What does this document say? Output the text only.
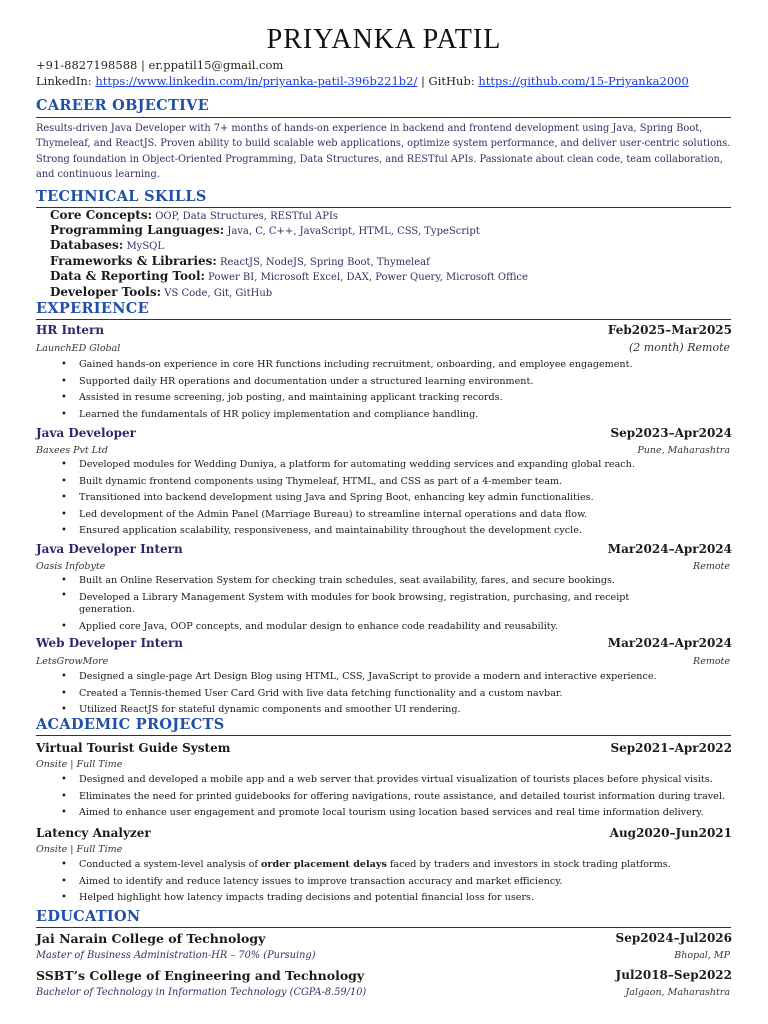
PRIYANKA PATIL
+91-8827198588 | er.ppatil15@gmail.com
LinkedIn: https://www.linkedin.com/in/priyanka-patil-396b221b2/ | GitHub: https://github.com/15-Priyanka2000
CAREER OBJECTIVE
Results-driven Java Developer with 7+ months of hands-on experience in backend and frontend development using Java, Spring Boot, Thymeleaf, and ReactJS. Proven ability to build scalable web applications, optimize system performance, and deliver user-centric solutions. Strong foundation in Object-Oriented Programming, Data Structures, and RESTful APIs. Passionate about clean code, team collaboration, and continuous learning.
TECHNICAL SKILLS
Core Concepts: OOP, Data Structures, RESTful APIs
Programming Languages: Java, C, C++, JavaScript, HTML, CSS, TypeScript
Databases: MySQL
Frameworks & Libraries: ReactJS, NodeJS, Spring Boot, Thymeleaf
Data & Reporting Tool: Power BI, Microsoft Excel, DAX, Power Query, Microsoft Office
Developer Tools: VS Code, Git, GitHub
EXPERIENCE
HR Intern	Feb2025–Mar2025
LaunchED Global	(2 month) Remote
• Gained hands-on experience in core HR functions including recruitment, onboarding, and employee engagement.
• Supported daily HR operations and documentation under a structured learning environment.
• Assisted in resume screening, job posting, and maintaining applicant tracking records.
• Learned the fundamentals of HR policy implementation and compliance handling.
Java Developer	Sep2023–Apr2024
Baxees Pvt Ltd	Pune, Maharashtra
• Developed modules for Wedding Duniya, a platform for automating wedding services and expanding global reach.
• Built dynamic frontend components using Thymeleaf, HTML, and CSS as part of a 4-member team.
• Transitioned into backend development using Java and Spring Boot, enhancing key admin functionalities.
• Led development of the Admin Panel (Marriage Bureau) to streamline internal operations and data flow.
• Ensured application scalability, responsiveness, and maintainability throughout the development cycle.
Java Developer Intern	Mar2024–Apr2024
Oasis Infobyte	Remote
• Built an Online Reservation System for checking train schedules, seat availability, fares, and secure bookings.
• Developed a Library Management System with modules for book browsing, registration, purchasing, and receipt generation.
• Applied core Java, OOP concepts, and modular design to enhance code readability and reusability.
Web Developer Intern	Mar2024–Apr2024
LetsGrowMore	Remote
• Designed a single-page Art Design Blog using HTML, CSS, JavaScript to provide a modern and interactive experience.
• Created a Tennis-themed User Card Grid with live data fetching functionality and a custom navbar.
• Utilized ReactJS for stateful dynamic components and smoother UI rendering.
ACADEMIC PROJECTS
Virtual Tourist Guide System	Sep2021–Apr2022
Onsite | Full Time
• Designed and developed a mobile app and a web server that provides virtual visualization of tourists places before physical visits.
• Eliminates the need for printed guidebooks for offering navigations, route assistance, and detailed tourist information during travel.
• Aimed to enhance user engagement and promote local tourism using location based services and real time information delivery.
Latency Analyzer	Aug2020–Jun2021
Onsite | Full Time
• Conducted a system-level analysis of order placement delays faced by traders and investors in stock trading platforms.
• Aimed to identify and reduce latency issues to improve transaction accuracy and market efficiency.
• Helped highlight how latency impacts trading decisions and potential financial loss for users.
EDUCATION
Jai Narain College of Technology	Sep2024–Jul2026
Master of Business Administration-HR – 70% (Pursuing)	Bhopal, MP
SSBT’s College of Engineering and Technology	Jul2018–Sep2022
Bachelor of Technology in Information Technology (CGPA-8.59/10)	Jalgaon, Maharashtra
